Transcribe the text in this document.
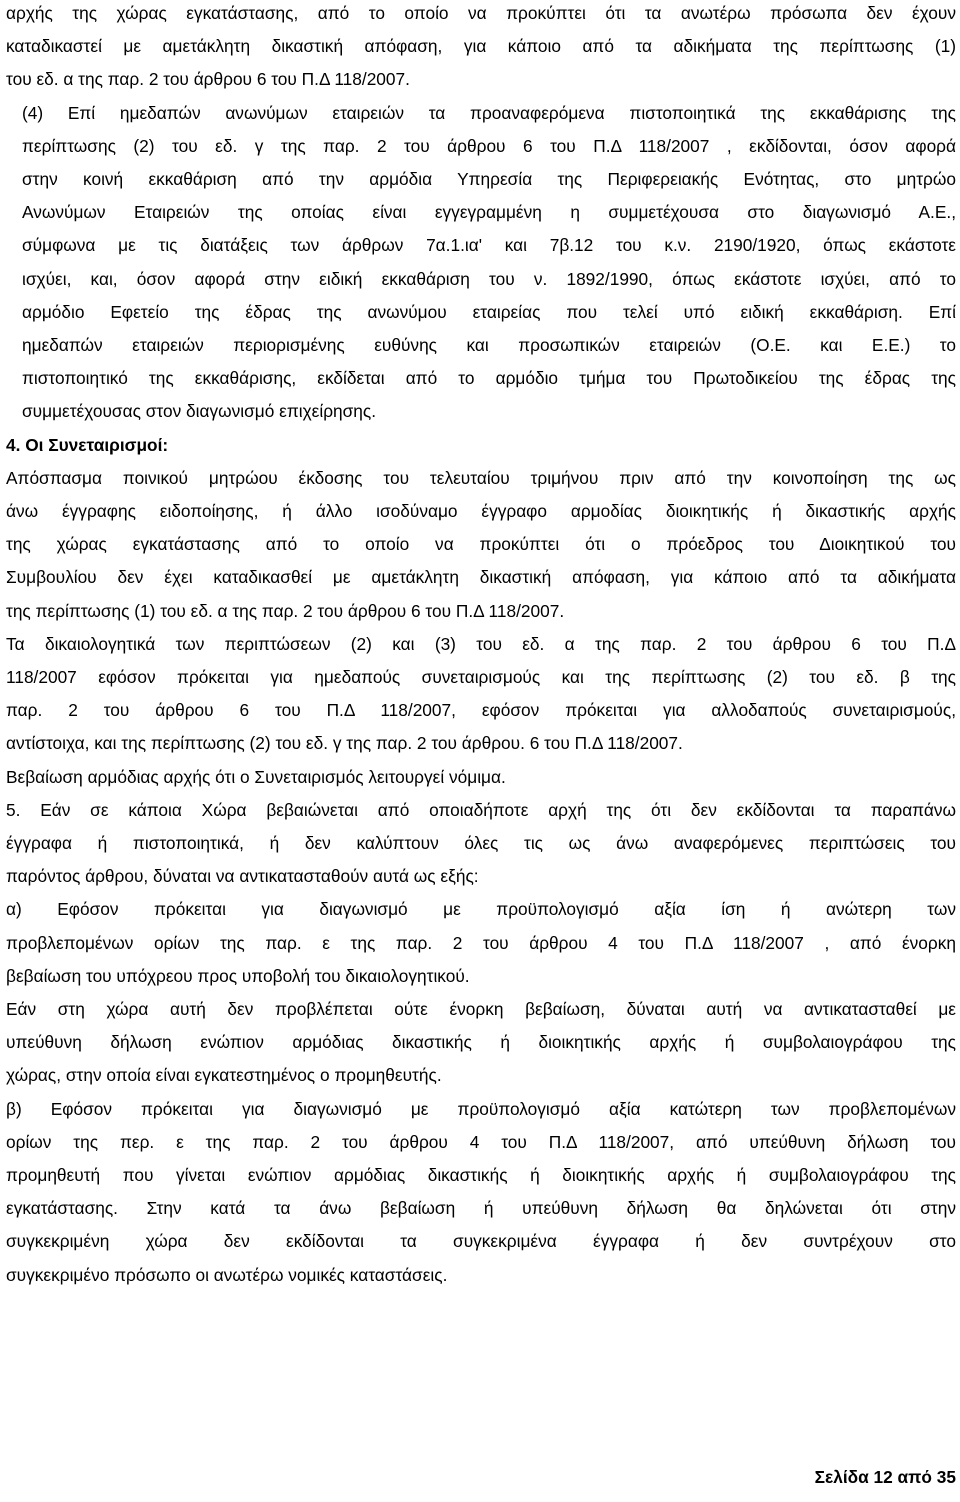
αρχής της χώρας εγκατάστασης, από το οποίο να προκύπτει ότι τα ανωτέρω πρόσωπα δεν έχουν
καταδικαστεί με αμετάκλητη δικαστική απόφαση, για κάποιο από τα αδικήματα της περίπτωσης (1)
του εδ. α της παρ. 2 του άρθρου 6 του Π.Δ 118/2007.
(4) Επί ημεδαπών ανωνύμων εταιρειών τα προαναφερόμενα πιστοποιητικά της εκκαθάρισης της
περίπτωσης (2) του εδ. γ της παρ. 2 του άρθρου 6 του Π.Δ 118/2007 , εκδίδονται, όσον αφορά
στην κοινή εκκαθάριση από την αρμόδια Υπηρεσία της Περιφερειακής Ενότητας, στο μητρώο
Ανωνύμων Εταιρειών της οποίας είναι εγγεγραμμένη η συμμετέχουσα στο διαγωνισμό Α.Ε.,
σύμφωνα με τις διατάξεις των άρθρων 7α.1.ια' και 7β.12 του κ.ν. 2190/1920, όπως εκάστοτε
ισχύει, και, όσον αφορά στην ειδική εκκαθάριση του ν. 1892/1990, όπως εκάστοτε ισχύει, από το
αρμόδιο Εφετείο της έδρας της ανωνύμου εταιρείας που τελεί υπό ειδική εκκαθάριση. Επί
ημεδαπών εταιρειών περιορισμένης ευθύνης και προσωπικών εταιρειών (Ο.Ε. και Ε.Ε.) το
πιστοποιητικό της εκκαθάρισης, εκδίδεται από το αρμόδιο τμήμα του Πρωτοδικείου της έδρας της
συμμετέχουσας στον διαγωνισμό επιχείρησης.
4. Οι Συνεταιρισμοί:
Απόσπασμα ποινικού μητρώου έκδοσης του τελευταίου τριμήνου πριν από την κοινοποίηση της ως
άνω έγγραφης ειδοποίησης, ή άλλο ισοδύναμο έγγραφο αρμοδίας διοικητικής ή δικαστικής αρχής
της χώρας εγκατάστασης από το οποίο να προκύπτει ότι ο πρόεδρος του Διοικητικού του
Συμβουλίου δεν έχει καταδικασθεί με αμετάκλητη δικαστική απόφαση, για κάποιο από τα αδικήματα
της περίπτωσης (1) του εδ. α της παρ. 2 του άρθρου 6 του Π.Δ 118/2007.
Τα δικαιολογητικά των περιπτώσεων (2) και (3) του εδ. α της παρ. 2 του άρθρου 6 του Π.Δ
118/2007 εφόσον πρόκειται για ημεδαπούς συνεταιρισμούς και της περίπτωσης (2) του εδ. β της
παρ. 2 του άρθρου 6 του Π.Δ 118/2007, εφόσον πρόκειται για αλλοδαπούς συνεταιρισμούς,
αντίστοιχα, και της περίπτωσης (2) του εδ. γ της παρ. 2 του άρθρου. 6 του Π.Δ 118/2007.
Βεβαίωση αρμόδιας αρχής ότι ο Συνεταιρισμός λειτουργεί νόμιμα.
5. Εάν σε κάποια Χώρα βεβαιώνεται από οποιαδήποτε αρχή της ότι δεν εκδίδονται τα παραπάνω
έγγραφα ή πιστοποιητικά, ή δεν καλύπτουν όλες τις ως άνω αναφερόμενες περιπτώσεις του
παρόντος άρθρου, δύναται να αντικατασταθούν αυτά ως εξής:
α) Εφόσον πρόκειται για διαγωνισμό με προϋπολογισμό αξία ίση ή ανώτερη των
προβλεπομένων ορίων της παρ. ε της παρ. 2 του άρθρου 4 του Π.Δ 118/2007 , από ένορκη
βεβαίωση του υπόχρεου προς υποβολή του δικαιολογητικού.
Εάν στη χώρα αυτή δεν προβλέπεται ούτε ένορκη βεβαίωση, δύναται αυτή να αντικατασταθεί με
υπεύθυνη δήλωση ενώπιον αρμόδιας δικαστικής ή διοικητικής αρχής ή συμβολαιογράφου της
χώρας, στην οποία είναι εγκατεστημένος ο προμηθευτής.
β) Εφόσον πρόκειται για διαγωνισμό με προϋπολογισμό αξία κατώτερη των προβλεπομένων
ορίων της περ. ε της παρ. 2 του άρθρου 4 του Π.Δ 118/2007, από υπεύθυνη δήλωση του
προμηθευτή που γίνεται ενώπιον αρμόδιας δικαστικής ή διοικητικής αρχής ή συμβολαιογράφου της
εγκατάστασης. Στην κατά τα άνω βεβαίωση ή υπεύθυνη δήλωση θα δηλώνεται ότι στην
συγκεκριμένη χώρα δεν εκδίδονται τα συγκεκριμένα έγγραφα ή δεν συντρέχουν στο
συγκεκριμένο πρόσωπο οι ανωτέρω νομικές καταστάσεις.
Σελίδα 12 από 35
